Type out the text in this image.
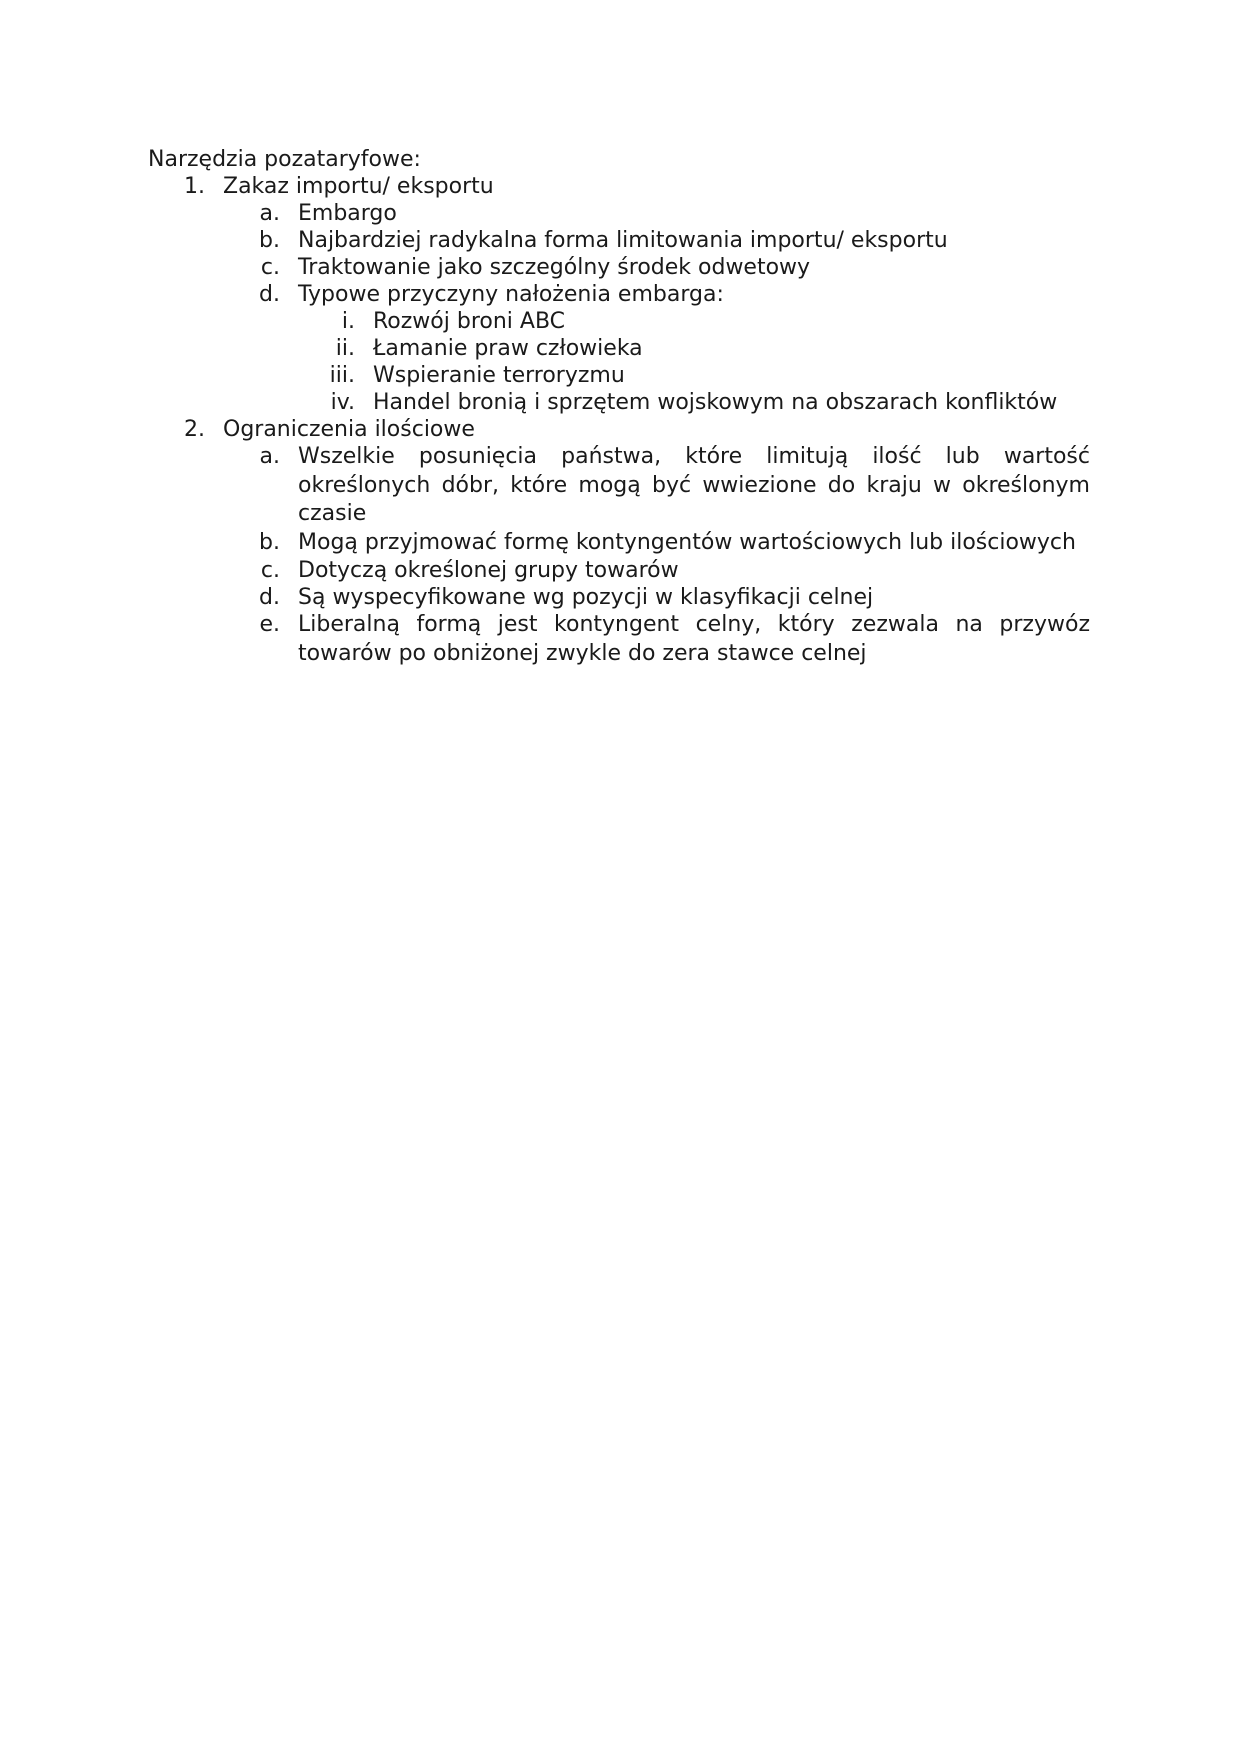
Narzędzia pozataryfowe:

1. Zakaz importu/ eksportu
a. Embargo
b. Najbardziej radykalna forma limitowania importu/ eksportu
c. Traktowanie jako szczególny środek odwetowy
d. Typowe przyczyny nałożenia embarga:
i. Rozwój broni ABC
ii. Łamanie praw człowieka
iii. Wspieranie terroryzmu
iv. Handel bronią i sprzętem wojskowym na obszarach konfliktów
2. Ograniczenia ilościowe
a. Wszelkie posunięcia państwa, które limitują ilość lub wartość określonych dóbr, które mogą być wwiezione do kraju w określonym czasie
b. Mogą przyjmować formę kontyngentów wartościowych lub ilościowych
c. Dotyczą określonej grupy towarów
d. Są wyspecyfikowane wg pozycji w klasyfikacji celnej
e. Liberalną formą jest kontyngent celny, który zezwala na przywóz towarów po obniżonej zwykle do zera stawce celnej
